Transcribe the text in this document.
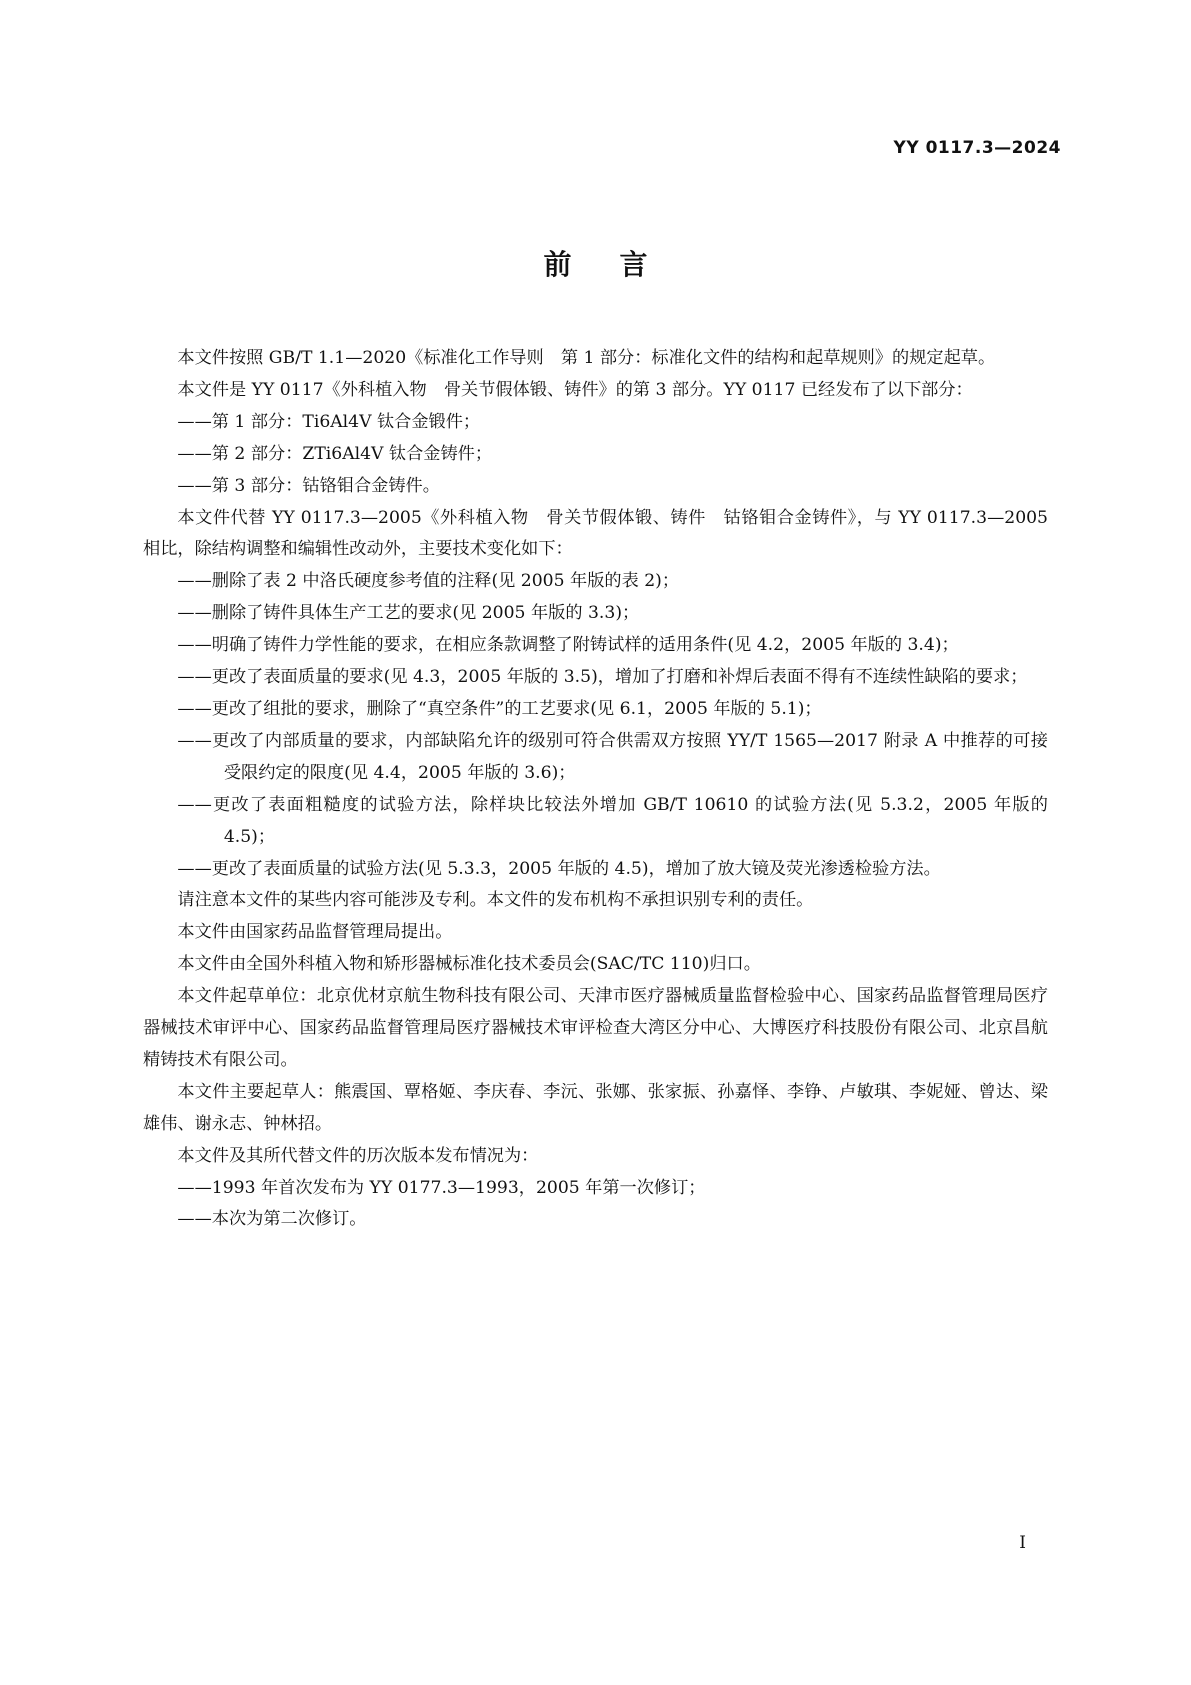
YY 0117.3—2024
前言

本文件按照 GB/T 1.1—2020《标准化工作导则　第 1 部分：标准化文件的结构和起草规则》的规定起草。

本文件是 YY 0117《外科植入物　骨关节假体锻、铸件》的第 3 部分。YY 0117 已经发布了以下部分：

——第 1 部分：Ti6Al4V 钛合金锻件；

——第 2 部分：ZTi6Al4V 钛合金铸件；

——第 3 部分：钴铬钼合金铸件。

本文件代替 YY 0117.3—2005《外科植入物　骨关节假体锻、铸件　钴铬钼合金铸件》，与 YY 0117.3—2005 相比，除结构调整和编辑性改动外，主要技术变化如下：

——删除了表 2 中洛氏硬度参考值的注释(见 2005 年版的表 2)；

——删除了铸件具体生产工艺的要求(见 2005 年版的 3.3)；

——明确了铸件力学性能的要求，在相应条款调整了附铸试样的适用条件(见 4.2，2005 年版的 3.4)；

——更改了表面质量的要求(见 4.3，2005 年版的 3.5)，增加了打磨和补焊后表面不得有不连续性缺陷的要求；

——更改了组批的要求，删除了“真空条件”的工艺要求(见 6.1，2005 年版的 5.1)；

——更改了内部质量的要求，内部缺陷允许的级别可符合供需双方按照 YY/T 1565—2017 附录 A 中推荐的可接受限约定的限度(见 4.4，2005 年版的 3.6)；

——更改了表面粗糙度的试验方法，除样块比较法外增加 GB/T 10610 的试验方法(见 5.3.2，2005 年版的 4.5)；

——更改了表面质量的试验方法(见 5.3.3，2005 年版的 4.5)，增加了放大镜及荧光渗透检验方法。

请注意本文件的某些内容可能涉及专利。本文件的发布机构不承担识别专利的责任。

本文件由国家药品监督管理局提出。

本文件由全国外科植入物和矫形器械标准化技术委员会(SAC/TC 110)归口。

本文件起草单位：北京优材京航生物科技有限公司、天津市医疗器械质量监督检验中心、国家药品监督管理局医疗器械技术审评中心、国家药品监督管理局医疗器械技术审评检查大湾区分中心、大博医疗科技股份有限公司、北京昌航精铸技术有限公司。

本文件主要起草人：熊震国、覃格姬、李庆春、李沅、张娜、张家振、孙嘉怿、李铮、卢敏琪、李妮娅、曾达、梁雄伟、谢永志、钟林招。

本文件及其所代替文件的历次版本发布情况为：

——1993 年首次发布为 YY 0177.3—1993，2005 年第一次修订；

——本次为第二次修订。

I
